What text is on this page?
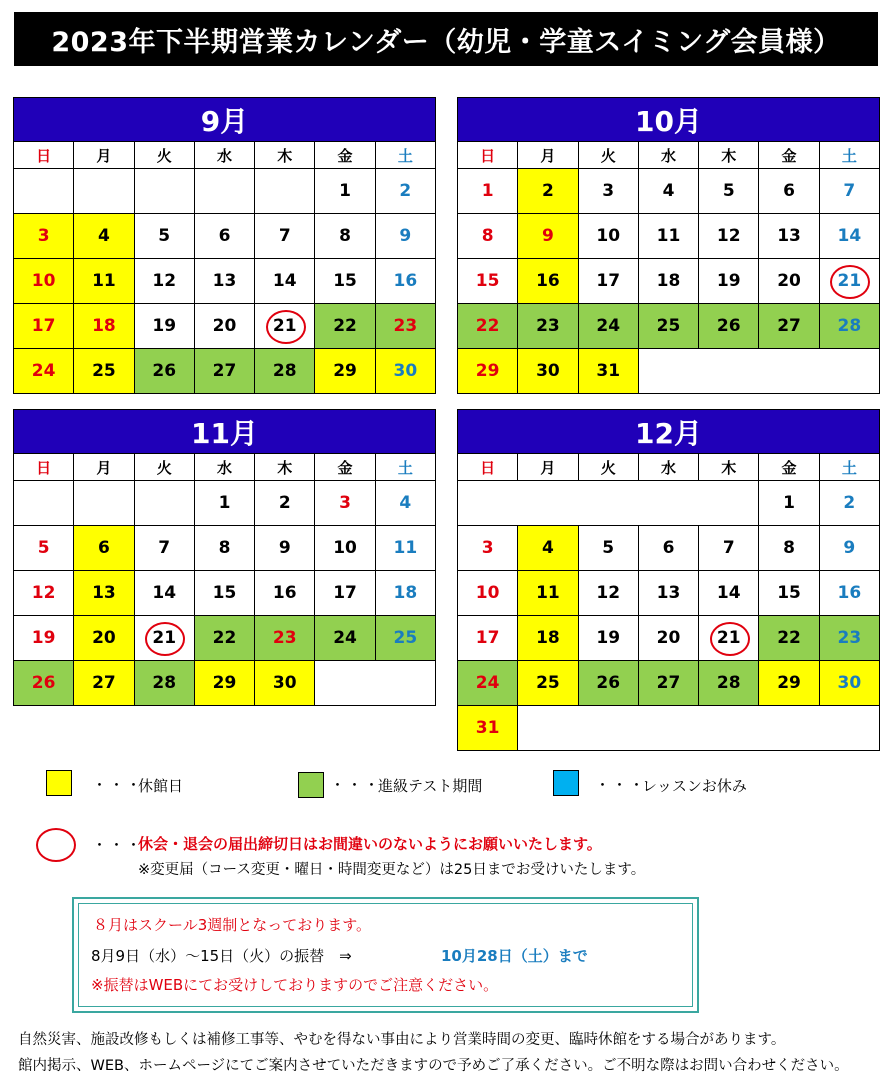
2023年下半期営業カレンダー（幼児・学童スイミング会員様）
9月
日	月	火	水	木	金	土
					1	2
3	4	5	6	7	8	9
10	11	12	13	14	15	16
17	18	19	20	21	22	23
24	25	26	27	28	29	30
10月
日	月	火	水	木	金	土
1	2	3	4	5	6	7
8	9	10	11	12	13	14
15	16	17	18	19	20	21
22	23	24	25	26	27	28
29	30	31				
11月
日	月	火	水	木	金	土
			1	2	3	4
5	6	7	8	9	10	11
12	13	14	15	16	17	18
19	20	21	22	23	24	25
26	27	28	29	30		
12月
日	月	火	水	木	金	土
					1	2
3	4	5	6	7	8	9
10	11	12	13	14	15	16
17	18	19	20	21	22	23
24	25	26	27	28	29	30
31						
・・・
休館日	・・・
進級テスト期間	・・・
レッスンお休み
・・・
休会・退会の届出締切日はお間違いのないようにお願いいたします。
※変更届（コース変更・曜日・時間変更など）は25日までお受けいたします。
８月はスクール3週制となっております。
8月9日（水）～15日（火）の振替　⇒	10月28日（土）まで
※振替はWEBにてお受けしておりますのでご注意ください。
自然災害、施設改修もしくは補修工事等、やむを得ない事由により営業時間の変更、臨時休館をする場合があります。
館内掲示、WEB、ホームページにてご案内させていただきますので予めご了承ください。ご不明な際はお問い合わせください。
